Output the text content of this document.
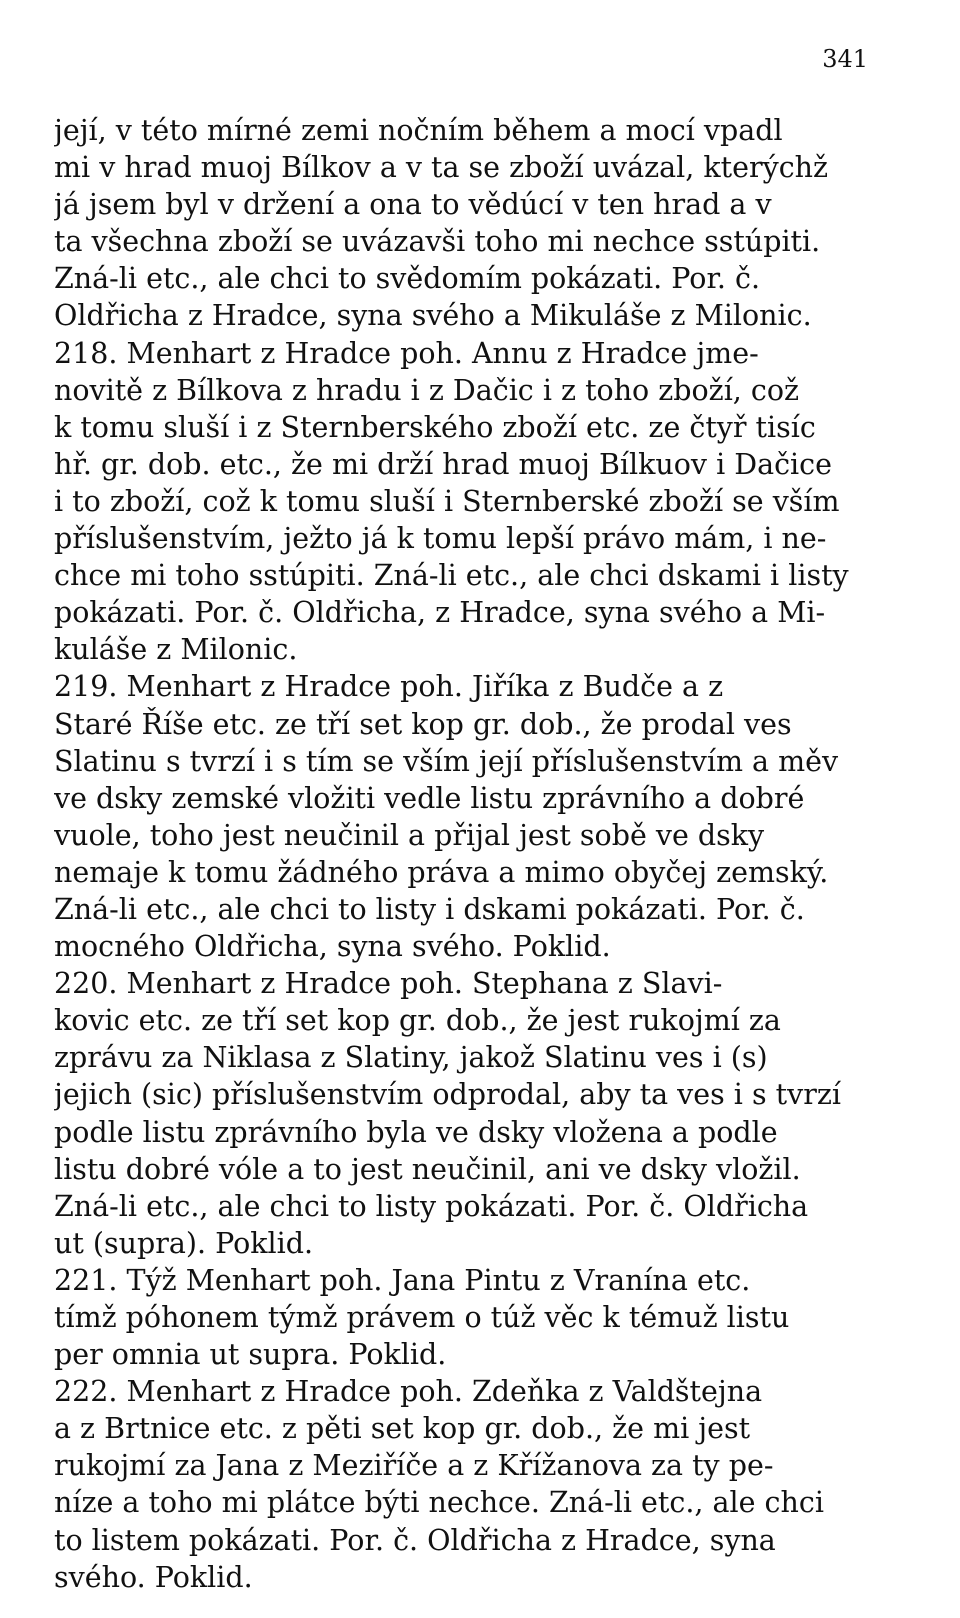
341
její, v této mírné zemi nočním během a mocí vpadl
mi v hrad muoj Bílkov a v ta se zboží uvázal, kterýchž
já jsem byl v držení a ona to vědúcí v ten hrad a v
ta všechna zboží se uvázavši toho mi nechce sstúpiti.
Zná-li etc., ale chci to svědomím pokázati. Por. č.
Oldřicha z Hradce, syna svého a Mikuláše z Milonic.
218. Menhart z Hradce poh. Annu z Hradce jme-
novitě z Bílkova z hradu i z Dačic i z toho zboží, což
k tomu sluší i z Sternberského zboží etc. ze čtyř tisíc
hř. gr. dob. etc., že mi drží hrad muoj Bílkuov i Dačice
i to zboží, což k tomu sluší i Sternberské zboží se vším
příslušenstvím, ježto já k tomu lepší právo mám, i ne-
chce mi toho sstúpiti. Zná-li etc., ale chci dskami i listy
pokázati. Por. č. Oldřicha, z Hradce, syna svého a Mi-
kuláše z Milonic.
219. Menhart z Hradce poh. Jiříka z Budče a z
Staré Říše etc. ze tří set kop gr. dob., že prodal ves
Slatinu s tvrzí i s tím se vším její příslušenstvím a měv
ve dsky zemské vložiti vedle listu zprávního a dobré
vuole, toho jest neučinil a přijal jest sobě ve dsky
nemaje k tomu žádného práva a mimo obyčej zemský.
Zná-li etc., ale chci to listy i dskami pokázati. Por. č.
mocného Oldřicha, syna svého. Poklid.
220. Menhart z Hradce poh. Stephana z Slavi-
kovic etc. ze tří set kop gr. dob., že jest rukojmí za
zprávu za Niklasa z Slatiny, jakož Slatinu ves i (s)
jejich (sic) příslušenstvím odprodal, aby ta ves i s tvrzí
podle listu zprávního byla ve dsky vložena a podle
listu dobré vóle a to jest neučinil, ani ve dsky vložil.
Zná-li etc., ale chci to listy pokázati. Por. č. Oldřicha
ut (supra). Poklid.
221. Týž Menhart poh. Jana Pintu z Vranína etc.
tímž póhonem týmž právem o túž věc k témuž listu
per omnia ut supra. Poklid.
222. Menhart z Hradce poh. Zdeňka z Valdštejna
a z Brtnice etc. z pěti set kop gr. dob., že mi jest
rukojmí za Jana z Meziříče a z Křížanova za ty pe-
níze a toho mi plátce býti nechce. Zná-li etc., ale chci
to listem pokázati. Por. č. Oldřicha z Hradce, syna
svého. Poklid.
